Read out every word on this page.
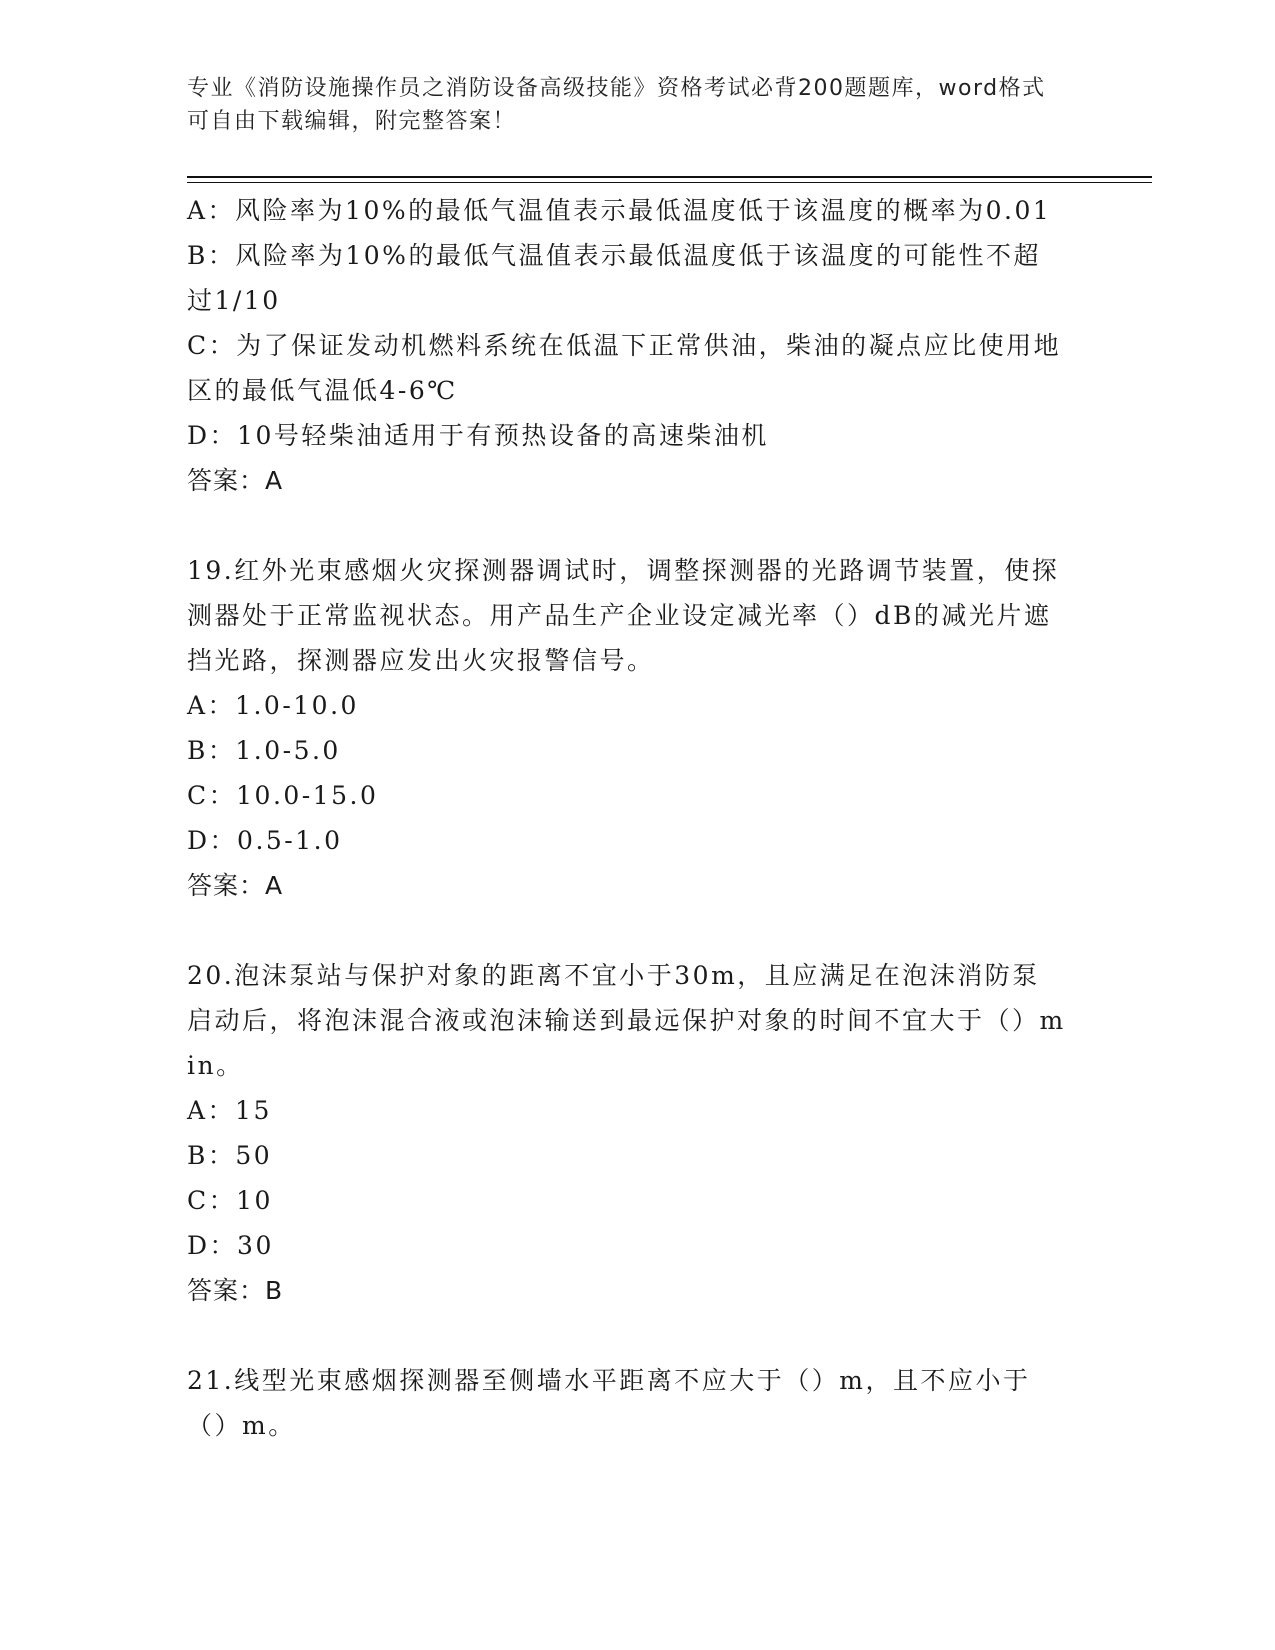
专业《消防设施操作员之消防设备高级技能》资格考试必背200题题库，word格式可自由下载编辑，附完整答案！
A：风险率为10%的最低气温值表示最低温度低于该温度的概率为0.01
B：风险率为10%的最低气温值表示最低温度低于该温度的可能性不超过1/10
C：为了保证发动机燃料系统在低温下正常供油，柴油的凝点应比使用地区的最低气温低4-6℃
D：10号轻柴油适用于有预热设备的高速柴油机
答案：A
19.红外光束感烟火灾探测器调试时，调整探测器的光路调节装置，使探测器处于正常监视状态。用产品生产企业设定减光率（）dB的减光片遮挡光路，探测器应发出火灾报警信号。
A：1.0-10.0
B：1.0-5.0
C：10.0-15.0
D：0.5-1.0
答案：A
20.泡沫泵站与保护对象的距离不宜小于30m，且应满足在泡沫消防泵启动后，将泡沫混合液或泡沫输送到最远保护对象的时间不宜大于（）min。
A：15
B：50
C：10
D：30
答案：B
21.线型光束感烟探测器至侧墙水平距离不应大于（）m，且不应小于（）m。
